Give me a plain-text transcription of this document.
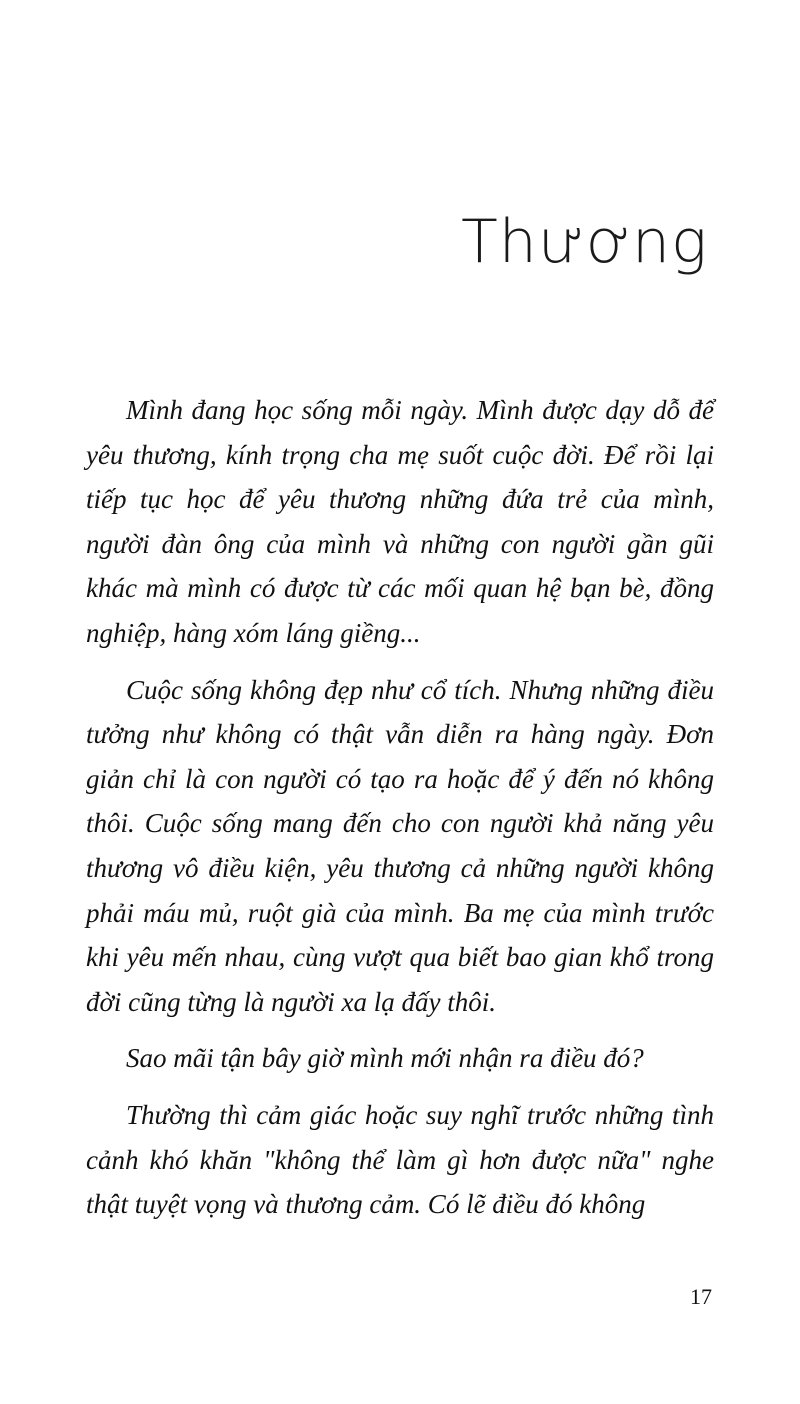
Thương

Mình đang học sống mỗi ngày. Mình được dạy dỗ để yêu thương, kính trọng cha mẹ suốt cuộc đời. Để rồi lại tiếp tục học để yêu thương những đứa trẻ của mình, người đàn ông của mình và những con người gần gũi khác mà mình có được từ các mối quan hệ bạn bè, đồng nghiệp, hàng xóm láng giềng...

Cuộc sống không đẹp như cổ tích. Nhưng những điều tưởng như không có thật vẫn diễn ra hàng ngày. Đơn giản chỉ là con người có tạo ra hoặc để ý đến nó không thôi. Cuộc sống mang đến cho con người khả năng yêu thương vô điều kiện, yêu thương cả những người không phải máu mủ, ruột già của mình. Ba mẹ của mình trước khi yêu mến nhau, cùng vượt qua biết bao gian khổ trong đời cũng từng là người xa lạ đấy thôi.

Sao mãi tận bây giờ mình mới nhận ra điều đó?

Thường thì cảm giác hoặc suy nghĩ trước những tình cảnh khó khăn "không thể làm gì hơn được nữa" nghe thật tuyệt vọng và thương cảm. Có lẽ điều đó không

17
